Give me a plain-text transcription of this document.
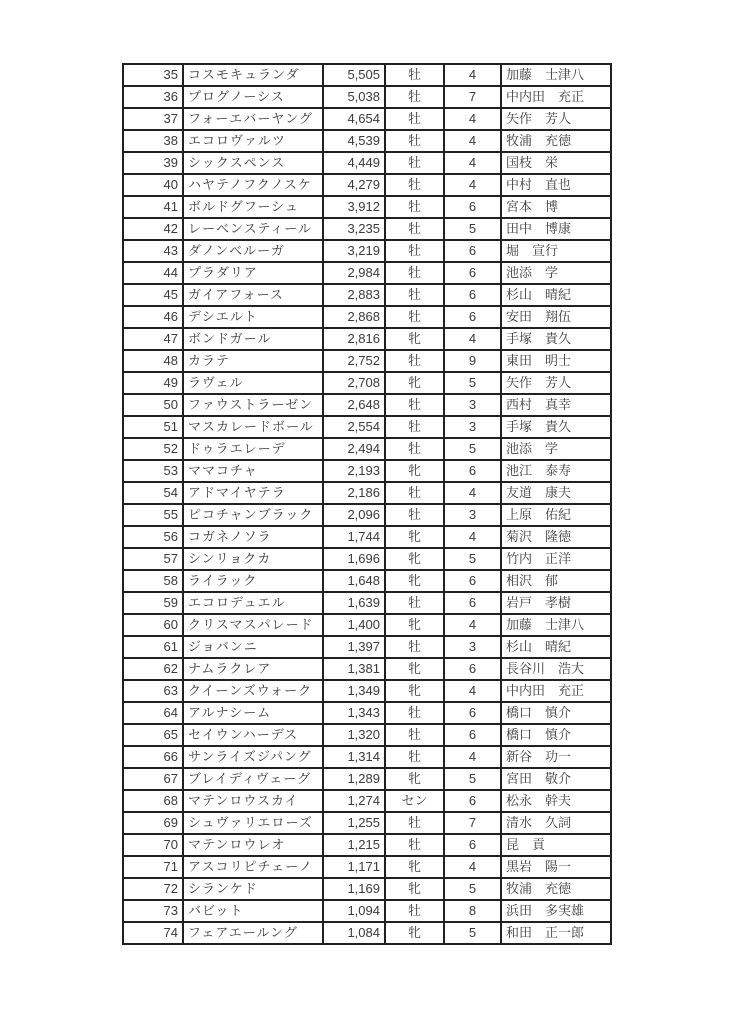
35	コスモキュランダ	5,505	牡	4	加藤　士津八
36	プログノーシス	5,038	牡	7	中内田　充正
37	フォーエバーヤング	4,654	牡	4	矢作　芳人
38	エコロヴァルツ	4,539	牡	4	牧浦　充徳
39	シックスペンス	4,449	牡	4	国枝　栄
40	ハヤテノフクノスケ	4,279	牡	4	中村　直也
41	ボルドグフーシュ	3,912	牡	6	宮本　博
42	レーベンスティール	3,235	牡	5	田中　博康
43	ダノンベルーガ	3,219	牡	6	堀　宣行
44	プラダリア	2,984	牡	6	池添　学
45	ガイアフォース	2,883	牡	6	杉山　晴紀
46	デシエルト	2,868	牡	6	安田　翔伍
47	ボンドガール	2,816	牝	4	手塚　貴久
48	カラテ	2,752	牡	9	東田　明士
49	ラヴェル	2,708	牝	5	矢作　芳人
50	ファウストラーゼン	2,648	牡	3	西村　真幸
51	マスカレードボール	2,554	牡	3	手塚　貴久
52	ドゥラエレーデ	2,494	牡	5	池添　学
53	ママコチャ	2,193	牝	6	池江　泰寿
54	アドマイヤテラ	2,186	牡	4	友道　康夫
55	ピコチャンブラック	2,096	牡	3	上原　佑紀
56	コガネノソラ	1,744	牝	4	菊沢　隆徳
57	シンリョクカ	1,696	牝	5	竹内　正洋
58	ライラック	1,648	牝	6	相沢　郁
59	エコロデュエル	1,639	牡	6	岩戸　孝樹
60	クリスマスパレード	1,400	牝	4	加藤　士津八
61	ジョバンニ	1,397	牡	3	杉山　晴紀
62	ナムラクレア	1,381	牝	6	長谷川　浩大
63	クイーンズウォーク	1,349	牝	4	中内田　充正
64	アルナシーム	1,343	牡	6	橋口　慎介
65	セイウンハーデス	1,320	牡	6	橋口　慎介
66	サンライズジパング	1,314	牡	4	新谷　功一
67	ブレイディヴェーグ	1,289	牝	5	宮田　敬介
68	マテンロウスカイ	1,274	セン	6	松永　幹夫
69	シュヴァリエローズ	1,255	牡	7	清水　久詞
70	マテンロウレオ	1,215	牡	6	昆　貢
71	アスコリピチェーノ	1,171	牝	4	黒岩　陽一
72	シランケド	1,169	牝	5	牧浦　充徳
73	バビット	1,094	牡	8	浜田　多実雄
74	フェアエールング	1,084	牝	5	和田　正一郎
